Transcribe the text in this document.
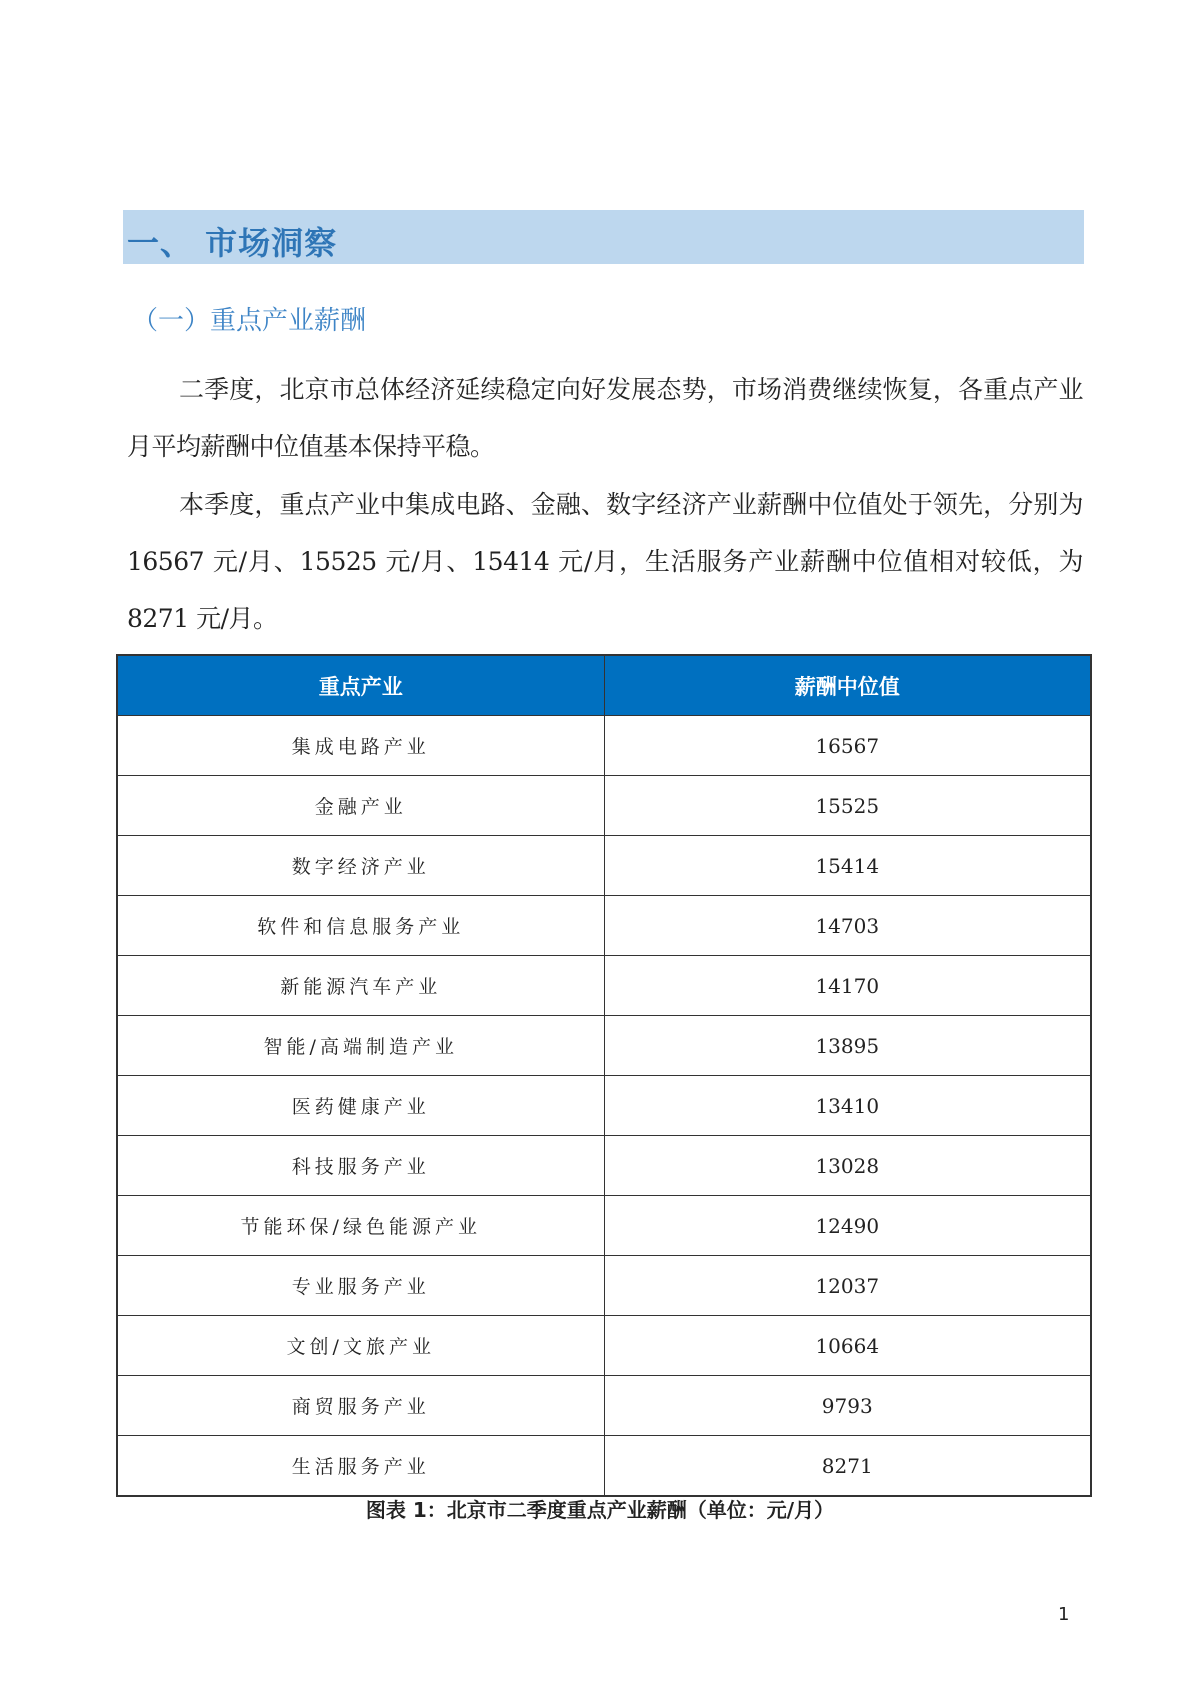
一、 市场洞察
（一）重点产业薪酬
二季度，北京市总体经济延续稳定向好发展态势，市场消费继续恢复，各重点产业月平均薪酬中位值基本保持平稳。
本季度，重点产业中集成电路、金融、数字经济产业薪酬中位值处于领先，分别为 16567 元/月、15525 元/月、15414 元/月，生活服务产业薪酬中位值相对较低，为 8271 元/月。
重点产业	薪酬中位值
集成电路产业	16567
金融产业	15525
数字经济产业	15414
软件和信息服务产业	14703
新能源汽车产业	14170
智能/高端制造产业	13895
医药健康产业	13410
科技服务产业	13028
节能环保/绿色能源产业	12490
专业服务产业	12037
文创/文旅产业	10664
商贸服务产业	9793
生活服务产业	8271
图表 1：北京市二季度重点产业薪酬（单位：元/月）
1
